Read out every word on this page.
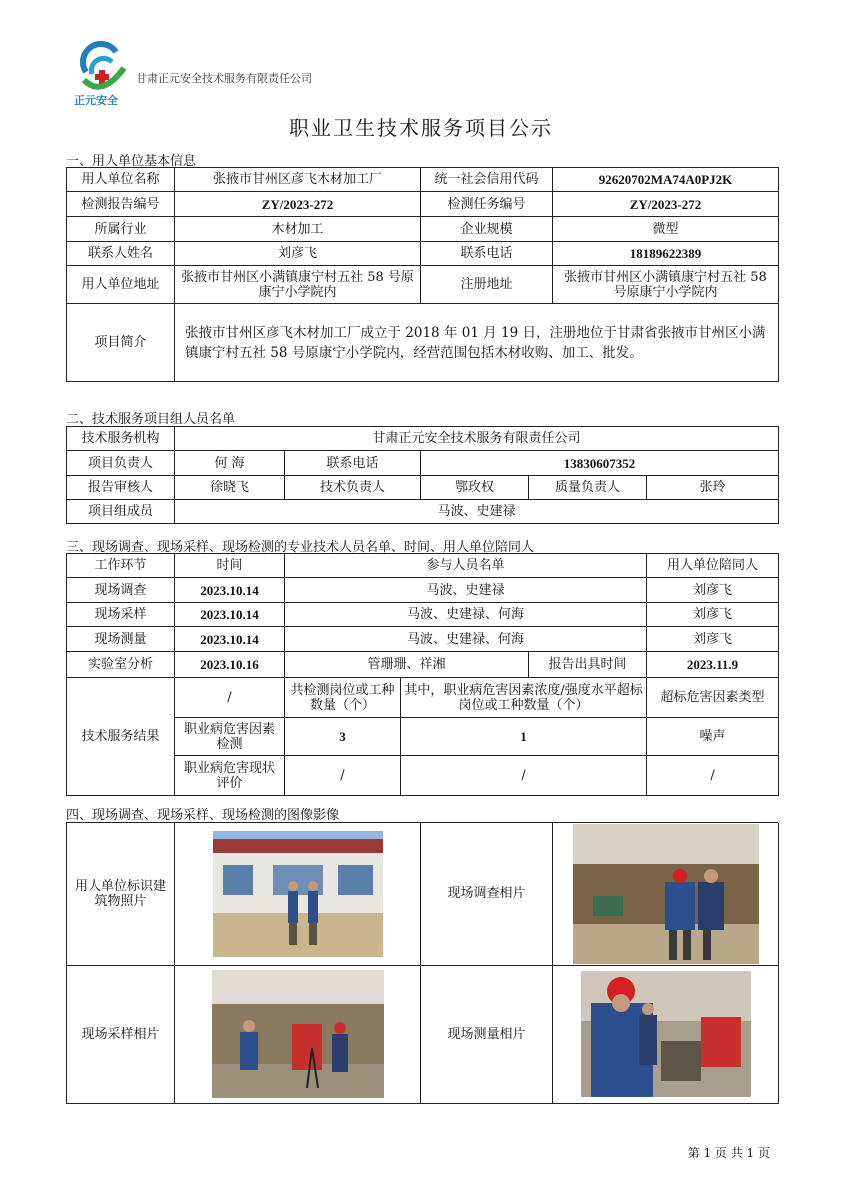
正元安全
甘肃正元安全技术服务有限责任公司
职业卫生技术服务项目公示
一、用人单位基本信息
用人单位名称	张掖市甘州区彦飞木材加工厂	统一社会信用代码	92620702MA74A0PJ2K
检测报告编号	ZY/2023-272	检测任务编号	ZY/2023-272
所属行业	木材加工	企业规模	微型
联系人姓名	刘彦飞	联系电话	18189622389
用人单位地址	张掖市甘州区小满镇康宁村五社 58 号原康宁小学院内	注册地址	张掖市甘州区小满镇康宁村五社 58 号原康宁小学院内
项目简介	张掖市甘州区彦飞木材加工厂成立于 2018 年 01 月 19 日，注册地位于甘肃省张掖市甘州区小满镇康宁村五社 58 号原康宁小学院内，经营范围包括木材收购、加工、批发。		
二、技术服务项目组人员名单
技术服务机构	甘肃正元安全技术服务有限责任公司				
项目负责人	何 海	联系电话	13830607352		
报告审核人	徐晓飞	技术负责人	鄂玫权	质量负责人	张玲
项目组成员	马波、史建禄				
三、现场调查、现场采样、现场检测的专业技术人员名单、时间、用人单位陪同人
工作环节	时间	参与人员名单			用人单位陪同人
现场调查	2023.10.14	马波、史建禄			刘彦飞
现场采样	2023.10.14	马波、史建禄、何海			刘彦飞
现场测量	2023.10.14	马波、史建禄、何海			刘彦飞
实验室分析	2023.10.16	管珊珊、祥湘		报告出具时间	2023.11.9
技术服务结果	/	共检测岗位或工种数量（个）	其中，职业病危害因素浓度/强度水平超标岗位或工种数量（个）		超标危害因素类型
	职业病危害因素检测	3	1		噪声
	职业病危害现状评价	/	/		/
四、现场调查、现场采样、现场检测的图像影像
用人单位标识建筑物照片		现场调查相片	

现场采样相片		现场测量相片	
第 1 页 共 1 页
